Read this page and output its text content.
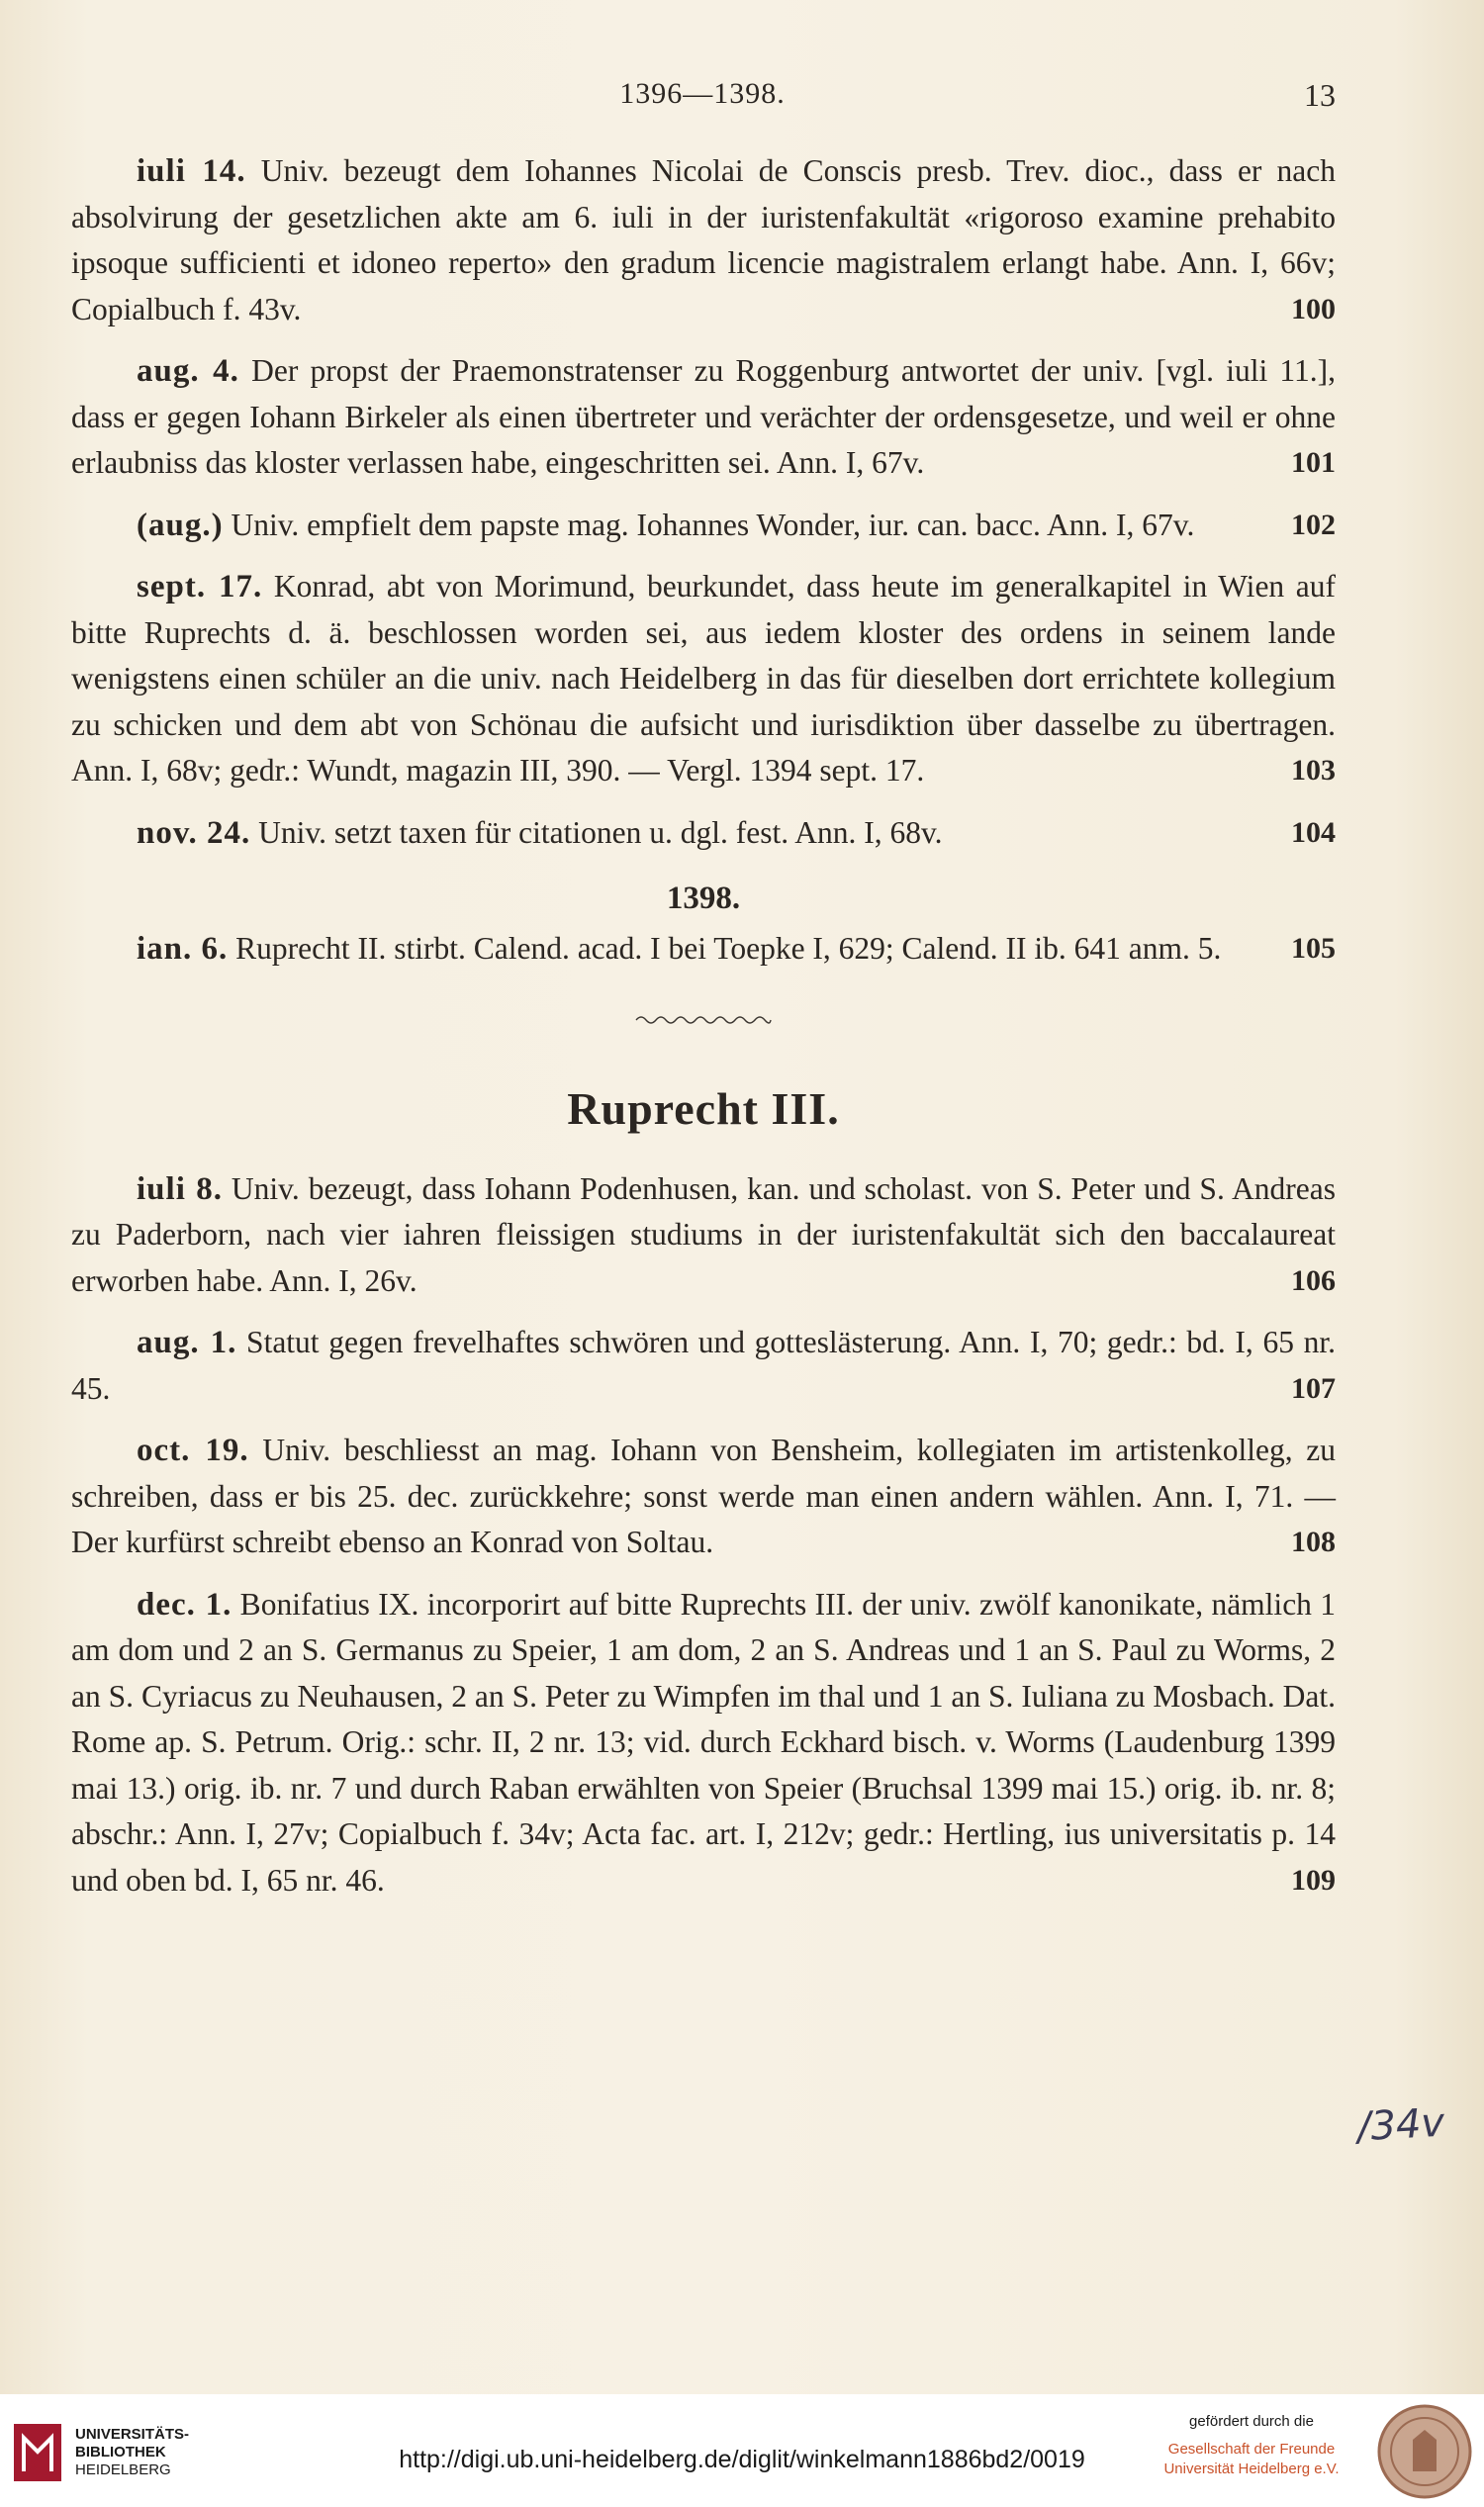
1396—1398.	13
iuli 14. Univ. bezeugt dem Iohannes Nicolai de Conscis presb. Trev. dioc., dass er nach absolvirung der gesetzlichen akte am 6. iuli in der iuristenfakultät «rigoroso examine prehabito ipsoque sufficienti et idoneo reperto» den gradum licencie magistralem erlangt habe. Ann. I, 66v; Copialbuch f. 43v.	100
aug. 4. Der propst der Praemonstratenser zu Roggenburg antwortet der univ. [vgl. iuli 11.], dass er gegen Iohann Birkeler als einen übertreter und verächter der ordensgesetze, und weil er ohne erlaubniss das kloster verlassen habe, eingeschritten sei. Ann. I, 67v.	101
(aug.) Univ. empfielt dem papste mag. Iohannes Wonder, iur. can. bacc. Ann. I, 67v.	102
sept. 17. Konrad, abt von Morimund, beurkundet, dass heute im generalkapitel in Wien auf bitte Ruprechts d. ä. beschlossen worden sei, aus iedem kloster des ordens in seinem lande wenigstens einen schüler an die univ. nach Heidelberg in das für dieselben dort errichtete kollegium zu schicken und dem abt von Schönau die aufsicht und iurisdiktion über dasselbe zu übertragen. Ann. I, 68v; gedr.: Wundt, magazin III, 390. — Vergl. 1394 sept. 17.	103
nov. 24. Univ. setzt taxen für citationen u. dgl. fest. Ann. I, 68v.	104
1398.
ian. 6. Ruprecht II. stirbt. Calend. acad. I bei Toepke I, 629; Calend. II ib. 641 anm. 5.	105
Ruprecht III.
iuli 8. Univ. bezeugt, dass Iohann Podenhusen, kan. und scholast. von S. Peter und S. Andreas zu Paderborn, nach vier iahren fleissigen studiums in der iuristenfakultät sich den baccalaureat erworben habe. Ann. I, 26v.	106
aug. 1. Statut gegen frevelhaftes schwören und gotteslästerung. Ann. I, 70; gedr.: bd. I, 65 nr. 45.	107
oct. 19. Univ. beschliesst an mag. Iohann von Bensheim, kollegiaten im artistenkolleg, zu schreiben, dass er bis 25. dec. zurückkehre; sonst werde man einen andern wählen. Ann. I, 71. — Der kurfürst schreibt ebenso an Konrad von Soltau.	108
dec. 1. Bonifatius IX. incorporirt auf bitte Ruprechts III. der univ. zwölf kanonikate, nämlich 1 am dom und 2 an S. Germanus zu Speier, 1 am dom, 2 an S. Andreas und 1 an S. Paul zu Worms, 2 an S. Cyriacus zu Neuhausen, 2 an S. Peter zu Wimpfen im thal und 1 an S. Iuliana zu Mosbach. Dat. Rome ap. S. Petrum. Orig.: schr. II, 2 nr. 13; vid. durch Eckhard bisch. v. Worms (Laudenburg 1399 mai 13.) orig. ib. nr. 7 und durch Raban erwählten von Speier (Bruchsal 1399 mai 15.) orig. ib. nr. 8; abschr.: Ann. I, 27v; Copialbuch f. 34v; Acta fac. art. I, 212v; gedr.: Hertling, ius universitatis p. 14 und oben bd. I, 65 nr. 46.	109
/34v
UNIVERSITÄTS-
BIBLIOTHEK
HEIDELBERG	http://digi.ub.uni-heidelberg.de/diglit/winkelmann1886bd2/0019
gefördert durch die
Gesellschaft der Freunde
Universität Heidelberg e.V.
